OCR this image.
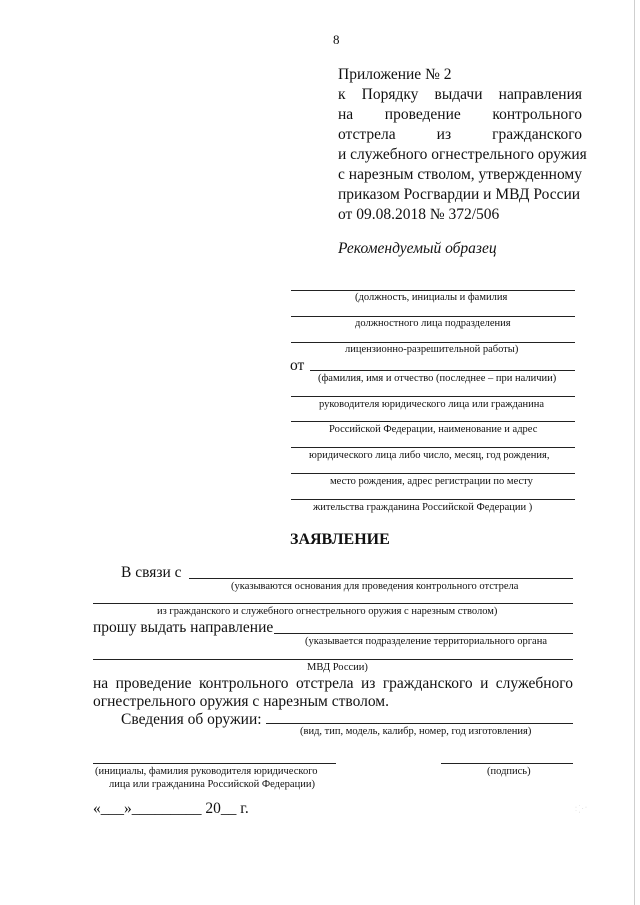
8
Приложение № 2
к Порядку выдачи направления
на проведение контрольного
отстрела из гражданского
и служебного огнестрельного оружия
с нарезным стволом, утвержденному
приказом Росгвардии и МВД России
от 09.08.2018 № 372/506
Рекомендуемый образец
(должность, инициалы и фамилия
должностного лица подразделения
лицензионно-разрешительной работы)
от
(фамилия, имя и отчество (последнее – при наличии)
руководителя юридического лица или гражданина
Российской Федерации, наименование и адрес
юридического лица либо число, месяц, год рождения,
место рождения, адрес регистрации по месту
жительства гражданина Российской Федерации )
ЗАЯВЛЕНИЕ
В связи с
(указываются основания для проведения контрольного отстрела
из гражданского и служебного огнестрельного оружия с нарезным стволом)
прошу выдать направление
(указывается подразделение территориального органа
МВД России)
на проведение контрольного отстрела из гражданского и служебного
огнестрельного оружия с нарезным стволом.
Сведения об оружии:
(вид, тип, модель, калибр, номер, год изготовления)
(инициалы, фамилия руководителя юридического
лица или гражданина Российской Федерации)
(подпись)
«___»_________ 20__ г.	· ˙ . · ˙ ·
